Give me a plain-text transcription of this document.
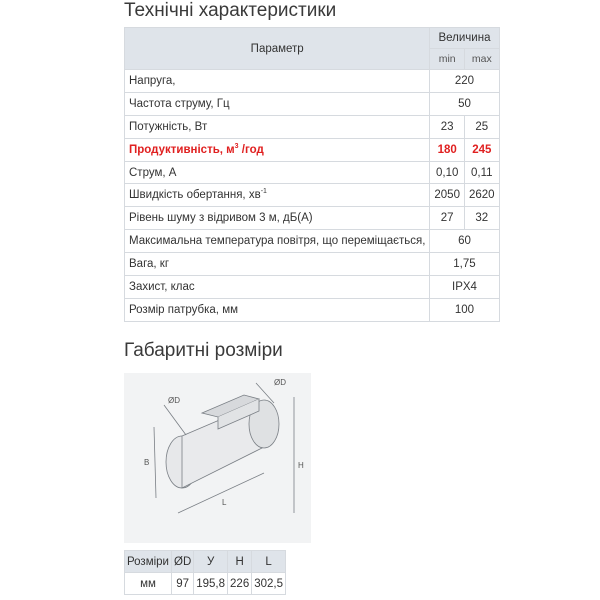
Технічні характеристики
Параметр	Величина	
	min	max
Напруга,	220	
Частота струму, Гц	50	
Потужність, Вт	23	25
Продуктивність, $м^3$ /год	180	245
Струм, А	0,10	0,11
Швидкість обертання, $хв^{-1}$	2050	2620
Рівень шуму з відривом 3 м, дБ(А)	27	32
Максимальна температура повітря, що переміщається,	60	
Вага, кг	1,75	
Захист, клас	IPX4	
Розмір патрубка, мм	100	
Габаритні розміри
ØD
ØD
B	H
L
Розміри	ØD	У	H	L
мм	97	195,8	226	302,5
